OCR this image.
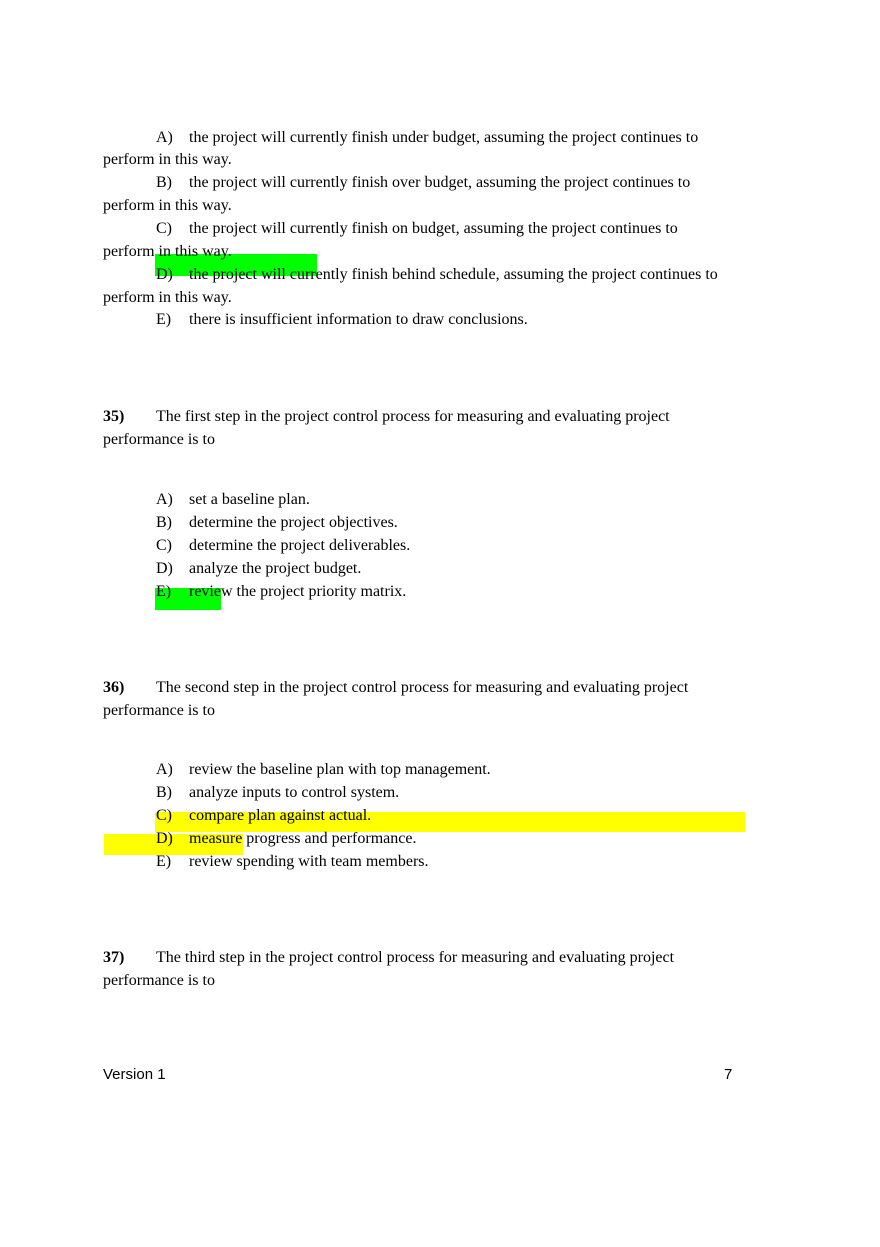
A) the project will currently finish under budget, assuming the project continues to
perform in this way.
B) the project will currently finish over budget, assuming the project continues to
perform in this way.
C) the project will currently finish on budget, assuming the project continues to
perform in this way.
D) the project will currently finish behind schedule, assuming the project continues to
perform in this way.
E) there is insufficient information to draw conclusions.
35) The first step in the project control process for measuring and evaluating project
performance is to
A) set a baseline plan.
B) determine the project objectives.
C) determine the project deliverables.
D) analyze the project budget.
E) review the project priority matrix.
36) The second step in the project control process for measuring and evaluating project
performance is to
A) review the baseline plan with top management.
B) analyze inputs to control system.
C) compare plan against actual.
D) measure progress and performance.
E) review spending with team members.
37) The third step in the project control process for measuring and evaluating project
performance is to
Version 1	7
